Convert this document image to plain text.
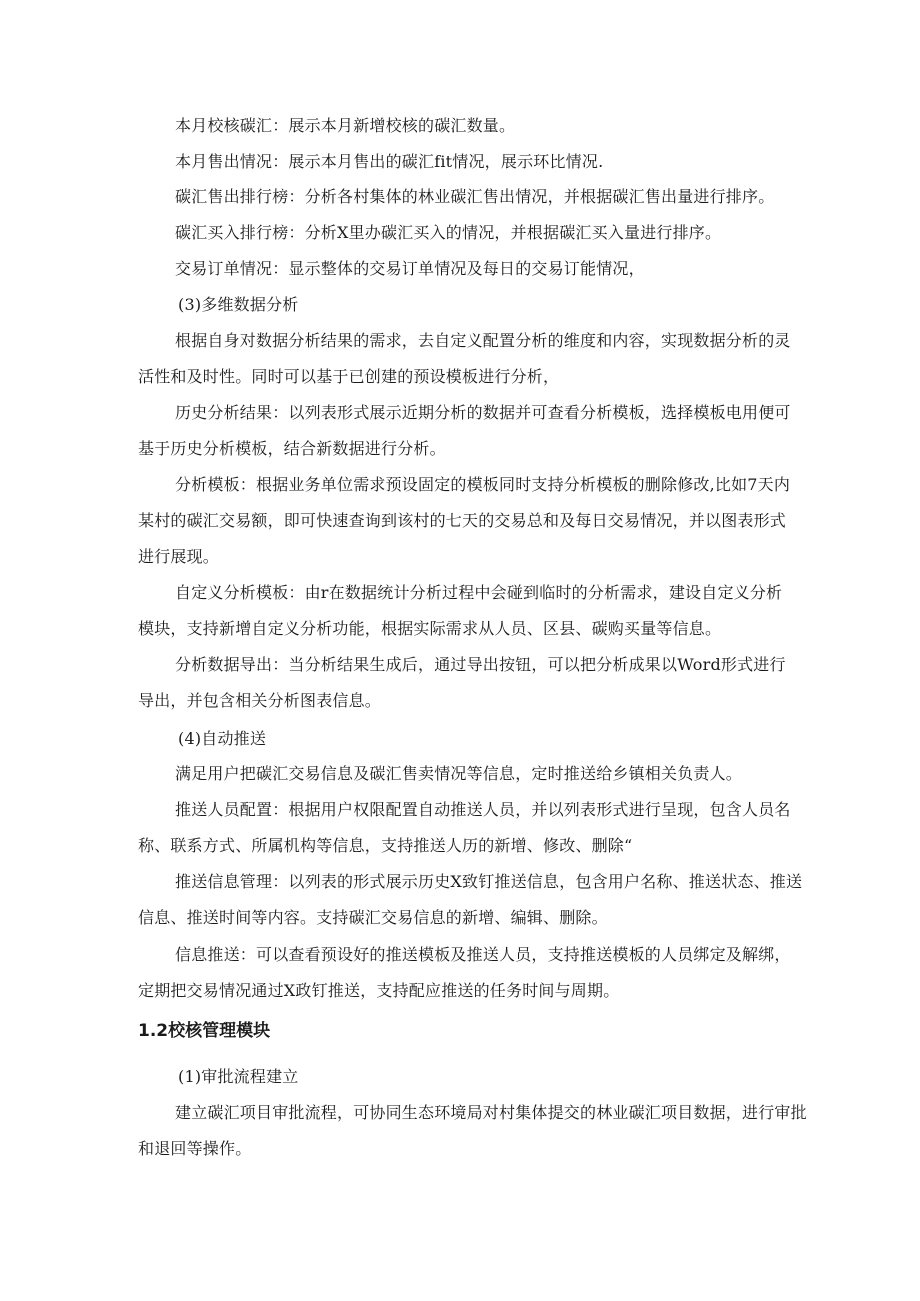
本月校核碳汇：展示本月新增校核的碳汇数量。
本月售出情况：展示本月售出的碳汇fit情况，展示环比情况.
碳汇售出排行榜：分析各村集体的林业碳汇售出情况，并根据碳汇售出量进行排序。
碳汇买入排行榜：分析X里办碳汇买入的情况，并根据碳汇买入量进行排序。
交易订单情况：显示整体的交易订单情况及每日的交易订能情况，
(3)多维数据分析
根据自身对数据分析结果的需求，去自定义配置分析的维度和内容，实现数据分析的灵
活性和及时性。同时可以基于已创建的预设模板进行分析，
历史分析结果：以列表形式展示近期分析的数据并可查看分析模板，选择模板电用便可
基于历史分析模板，结合新数据进行分析。
分析模板：根据业务单位需求预设固定的模板同时支持分析模板的删除修改,比如7天内
某村的碳汇交易额，即可快速查询到该村的七天的交易总和及每日交易情况，并以图表形式
进行展现。
自定义分析模板：由r在数据统计分析过程中会碰到临时的分析需求，建设自定义分析
模块，支持新增自定义分析功能，根据实际需求从人员、区县、碳购买量等信息。
分析数据导出：当分析结果生成后，通过导出按钮，可以把分析成果以Word形式进行
导出，并包含相关分析图表信息。
(4)自动推送
满足用户把碳汇交易信息及碳汇售卖情况等信息，定时推送给乡镇相关负责人。
推送人员配置：根据用户权限配置自动推送人员，并以列表形式进行呈现，包含人员名
称、联系方式、所属机构等信息，支持推送人历的新增、修改、删除“
推送信息管理：以列表的形式展示历史X致钉推送信息，包含用户名称、推送状态、推送
信息、推送时间等内容。支持碳汇交易信息的新增、编辑、删除。
信息推送：可以查看预设好的推送模板及推送人员，支持推送模板的人员绑定及解绑，
定期把交易情况通过X政钉推送，支持配应推送的任务时间与周期。
1.2校核管理模块
(1)审批流程建立
建立碳汇项目审批流程，可协同生态环境局对村集体提交的林业碳汇项目数据，进行审批
和退回等操作。
